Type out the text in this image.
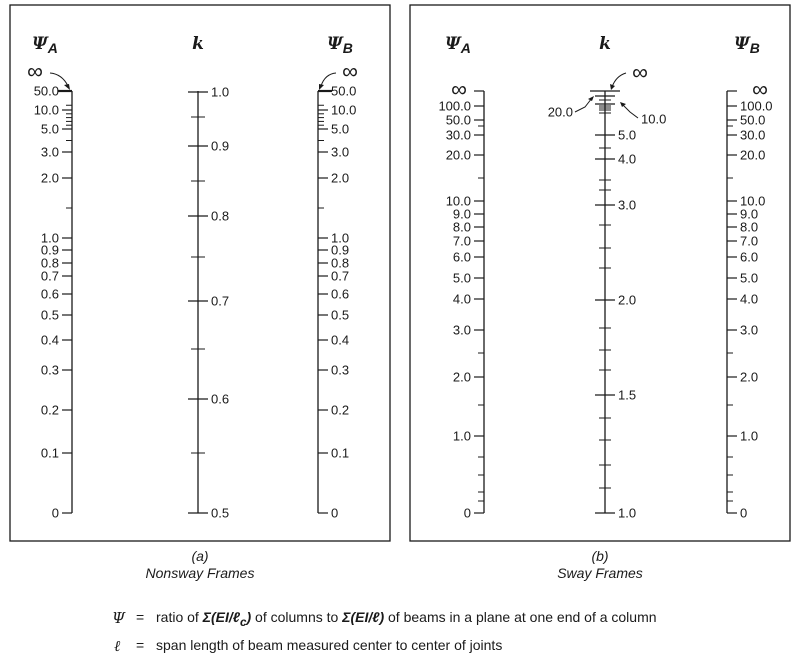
$\Psi_A$
50.0
10.0
5.0
3.0
2.0
1.0
0.9
0.8
0.7
0.6
0.5
0.4
0.3
0.2
0.1
0
k
1.0
0.9
0.8
0.7
0.6
0.5
$\Psi_B$
50.0
10.0
5.0
3.0
2.0
1.0
0.9
0.8
0.7
0.6
0.5
0.4
0.3
0.2
0.1
0
∞	∞
$\Psi_A$
100.0
50.0
30.0
20.0
10.0
9.0
8.0
7.0
6.0
5.0
4.0
3.0
2.0
1.0
0
k
5.0
4.0
3.0
2.0
1.5
1.0
$\Psi_B$
100.0
50.0
30.0
20.0
10.0
9.0
8.0
7.0
6.0
5.0
4.0
3.0
2.0
1.0
0
∞	∞
∞
20.0	10.0
(a)
Nonsway Frames
(b)
Sway Frames
Ψ = ratio of Σ(EI/ℓ$_c$) of columns to Σ(EI/ℓ) of beams in a plane at one end of a column
ℓ = span length of beam measured center to center of joints
